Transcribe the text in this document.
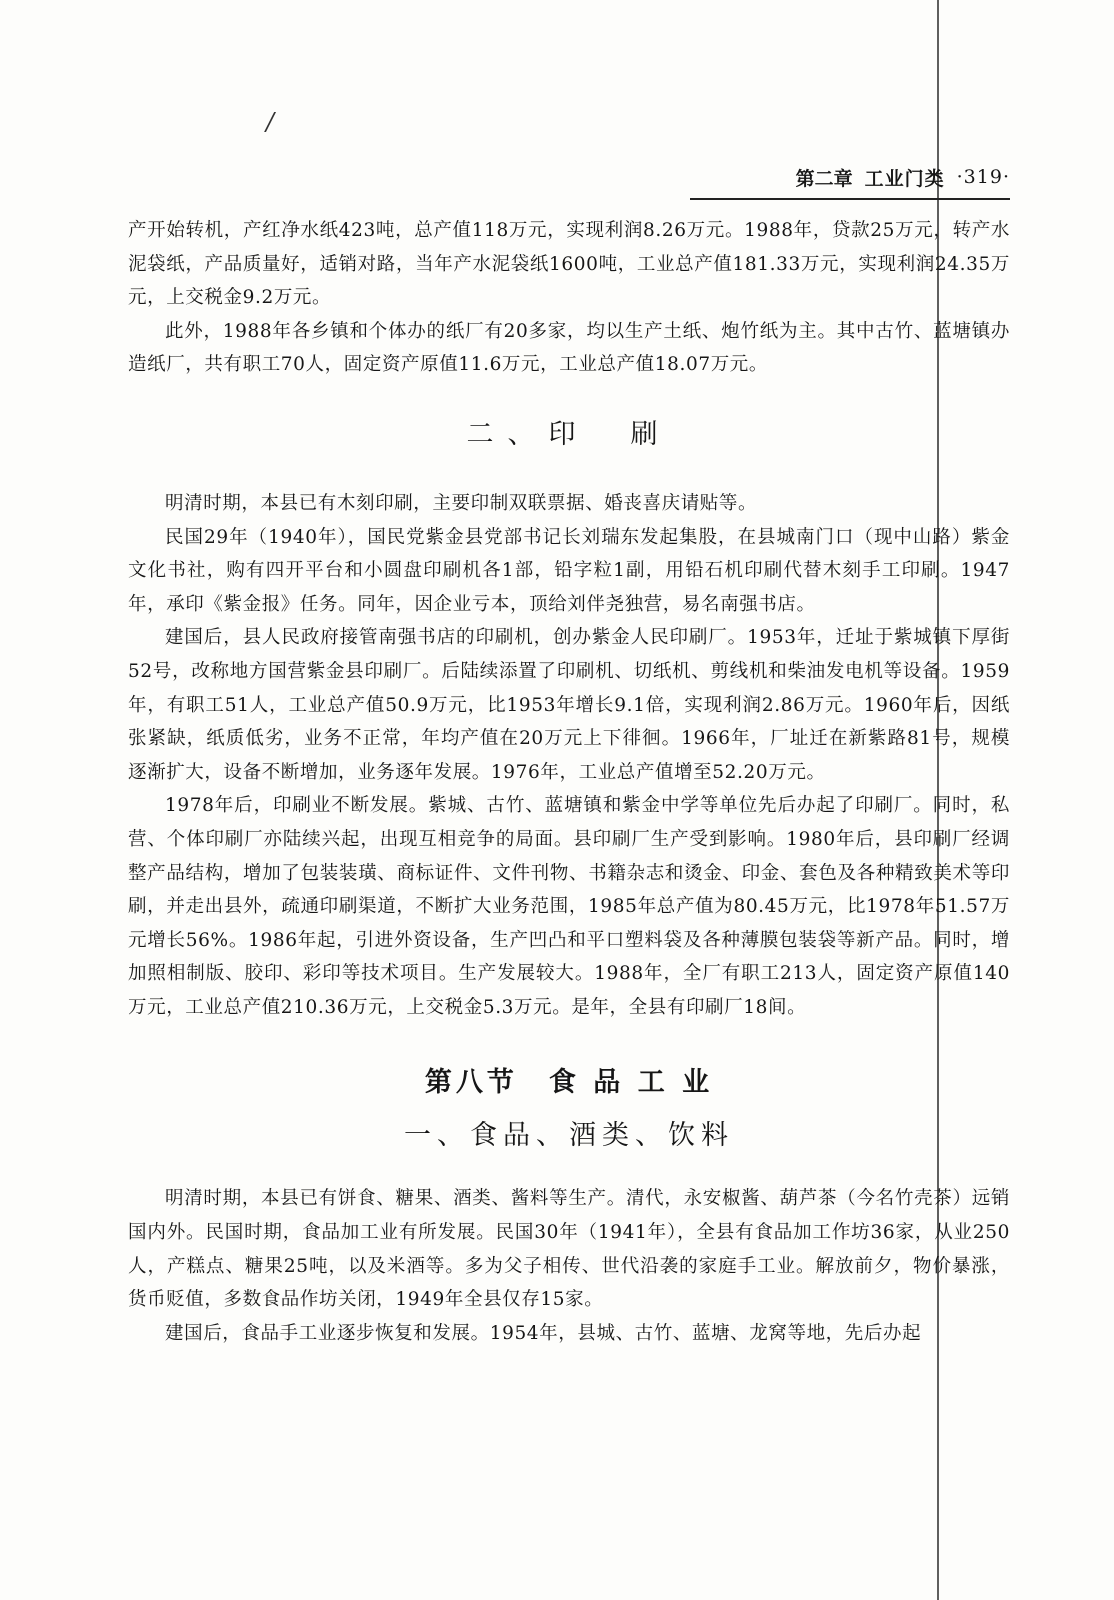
/
第二章 工业门类 ·319·

产开始转机，产红净水纸423吨，总产值118万元，实现利润8.26万元。1988年，贷款25万元，转产水泥袋纸，产品质量好，适销对路，当年产水泥袋纸1600吨，工业总产值181.33万元，实现利润24.35万元，上交税金9.2万元。

此外，1988年各乡镇和个体办的纸厂有20多家，均以生产土纸、炮竹纸为主。其中古竹、蓝塘镇办造纸厂，共有职工70人，固定资产原值11.6万元，工业总产值18.07万元。

二、印　刷

明清时期，本县已有木刻印刷，主要印制双联票据、婚丧喜庆请贴等。

民国29年（1940年），国民党紫金县党部书记长刘瑞东发起集股，在县城南门口（现中山路）紫金文化书社，购有四开平台和小圆盘印刷机各1部，铅字粒1副，用铅石机印刷代替木刻手工印刷。1947年，承印《紫金报》任务。同年，因企业亏本，顶给刘伴尧独营，易名南强书店。

建国后，县人民政府接管南强书店的印刷机，创办紫金人民印刷厂。1953年，迁址于紫城镇下厚街52号，改称地方国营紫金县印刷厂。后陆续添置了印刷机、切纸机、剪线机和柴油发电机等设备。1959年，有职工51人，工业总产值50.9万元，比1953年增长9.1倍，实现利润2.86万元。1960年后，因纸张紧缺，纸质低劣，业务不正常，年均产值在20万元上下徘徊。1966年，厂址迁在新紫路81号，规模逐渐扩大，设备不断增加，业务逐年发展。1976年，工业总产值增至52.20万元。

1978年后，印刷业不断发展。紫城、古竹、蓝塘镇和紫金中学等单位先后办起了印刷厂。同时，私营、个体印刷厂亦陆续兴起，出现互相竞争的局面。县印刷厂生产受到影响。1980年后，县印刷厂经调整产品结构，增加了包装装璜、商标证件、文件刊物、书籍杂志和烫金、印金、套色及各种精致美术等印刷，并走出县外，疏通印刷渠道，不断扩大业务范围，1985年总产值为80.45万元，比1978年51.57万元增长56%。1986年起，引进外资设备，生产凹凸和平口塑料袋及各种薄膜包装袋等新产品。同时，增加照相制版、胶印、彩印等技术项目。生产发展较大。1988年，全厂有职工213人，固定资产原值140万元，工业总产值210.36万元，上交税金5.3万元。是年，全县有印刷厂18间。

第八节　食 品 工 业
一、食品、酒类、饮料

明清时期，本县已有饼食、糖果、酒类、酱料等生产。清代，永安椒酱、葫芦茶（今名竹壳茶）远销国内外。民国时期，食品加工业有所发展。民国30年（1941年），全县有食品加工作坊36家，从业250人，产糕点、糖果25吨，以及米酒等。多为父子相传、世代沿袭的家庭手工业。解放前夕，物价暴涨，货币贬值，多数食品作坊关闭，1949年全县仅存15家。

建国后，食品手工业逐步恢复和发展。1954年，县城、古竹、蓝塘、龙窝等地，先后办起
